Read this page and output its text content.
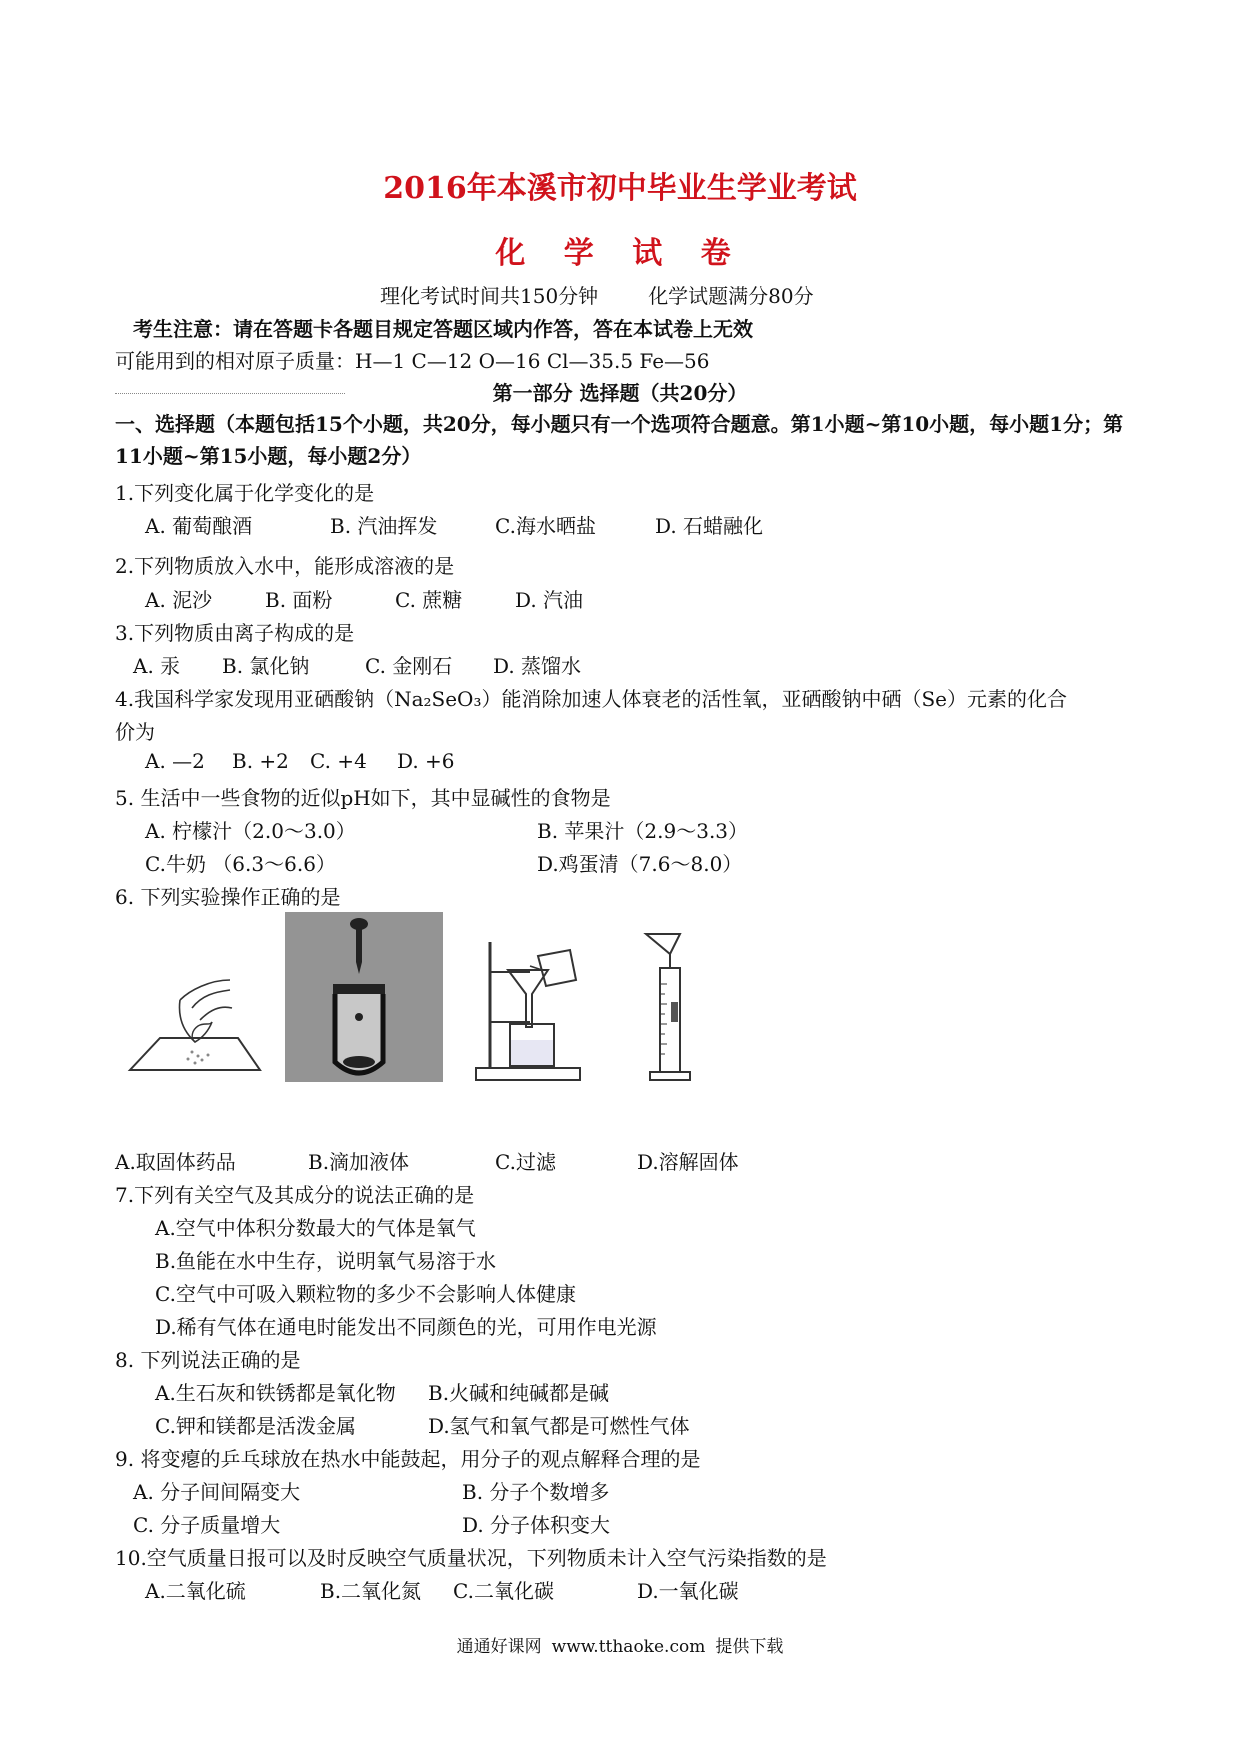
2016年本溪市初中毕业生学业考试
化 学 试 卷
理化考试时间共150分钟	化学试题满分80分
考生注意：请在答题卡各题目规定答题区域内作答，答在本试卷上无效
可能用到的相对原子质量：H—1 C—12 O—16 Cl—35.5 Fe—56
第一部分 选择题（共20分）
一、选择题（本题包括15个小题，共20分，每小题只有一个选项符合题意。第1小题~第10小题，每小题1分；第11小题~第15小题，每小题2分）
1.下列变化属于化学变化的是
A. 葡萄酿酒	B. 汽油挥发	C.海水晒盐	D. 石蜡融化
2.下列物质放入水中，能形成溶液的是
A. 泥沙	B. 面粉	C. 蔗糖	D. 汽油
3.下列物质由离子构成的是
A. 汞 B. 氯化钠	C. 金刚石 D. 蒸馏水
4.我国科学家发现用亚硒酸钠（Na₂SeO₃）能消除加速人体衰老的活性氧，亚硒酸钠中硒（Se）元素的化合
价为
A. —2 B. +2 C. +4 D. +6
5. 生活中一些食物的近似pH如下，其中显碱性的食物是
A. 柠檬汁（2.0～3.0）	B. 苹果汁（2.9～3.3）
C.牛奶 （6.3～6.6）	D.鸡蛋清（7.6～8.0）
6. 下列实验操作正确的是
A.取固体药品	B.滴加液体	C.过滤	D.溶解固体
7.下列有关空气及其成分的说法正确的是
A.空气中体积分数最大的气体是氧气
B.鱼能在水中生存，说明氧气易溶于水
C.空气中可吸入颗粒物的多少不会影响人体健康
D.稀有气体在通电时能发出不同颜色的光，可用作电光源
8. 下列说法正确的是
A.生石灰和铁锈都是氧化物 B.火碱和纯碱都是碱
C.钾和镁都是活泼金属	D.氢气和氧气都是可燃性气体
9. 将变瘪的乒乓球放在热水中能鼓起，用分子的观点解释合理的是
A. 分子间间隔变大	B. 分子个数增多
C. 分子质量增大	D. 分子体积变大
10.空气质量日报可以及时反映空气质量状况，下列物质未计入空气污染指数的是
A.二氧化硫	B.二氧化氮 C.二氧化碳	D.一氧化碳
通通好课网 www.tthaoke.com 提供下载
